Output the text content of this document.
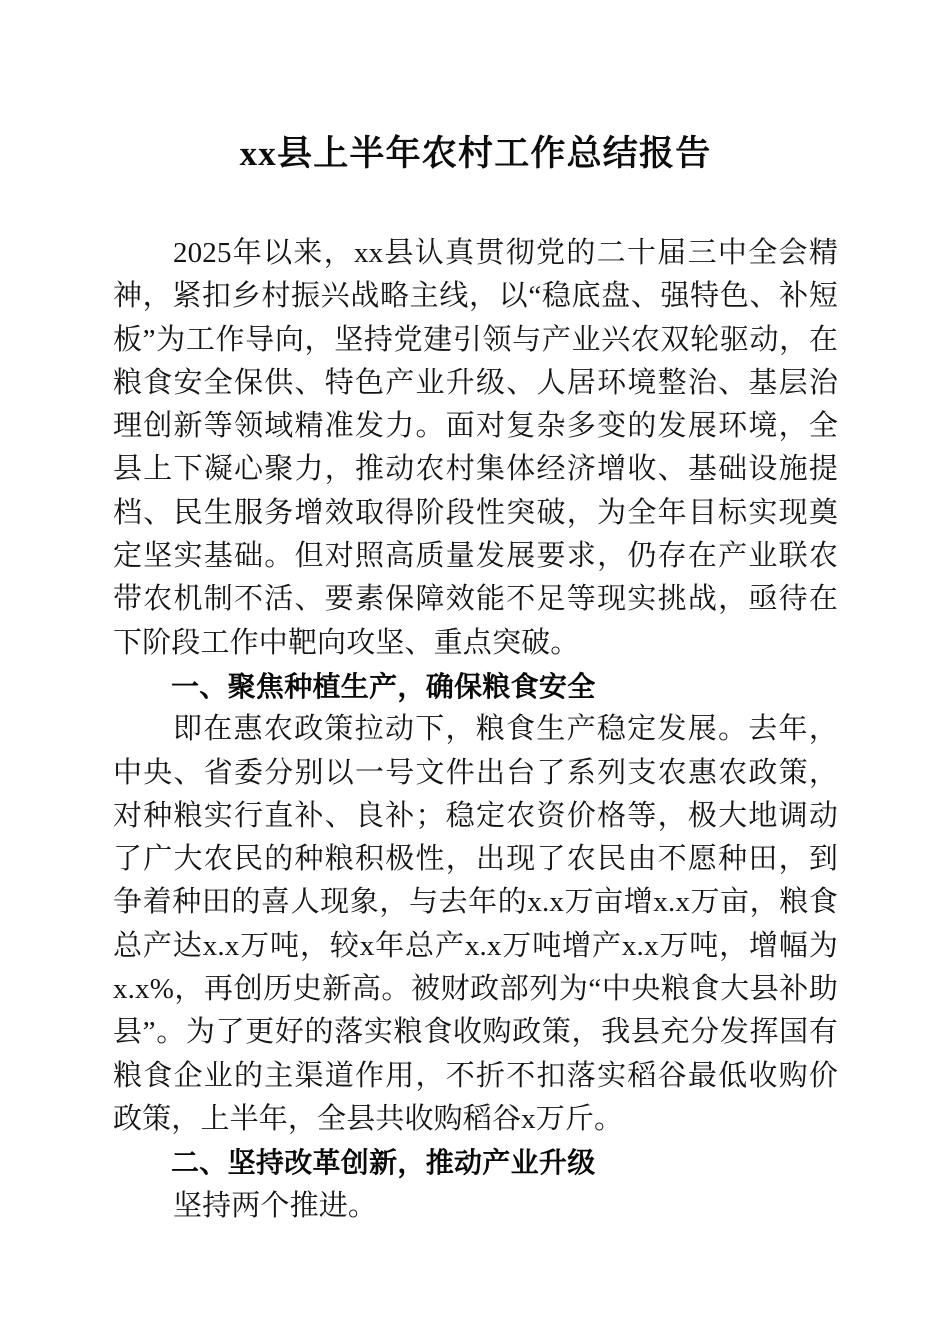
xx县上半年农村工作总结报告

2025年以来，xx县认真贯彻党的二十届三中全会精神，紧扣乡村振兴战略主线，以“稳底盘、强特色、补短板”为工作导向，坚持党建引领与产业兴农双轮驱动，在粮食安全保供、特色产业升级、人居环境整治、基层治理创新等领域精准发力。面对复杂多变的发展环境，全县上下凝心聚力，推动农村集体经济增收、基础设施提档、民生服务增效取得阶段性突破，为全年目标实现奠定坚实基础。但对照高质量发展要求，仍存在产业联农带农机制不活、要素保障效能不足等现实挑战，亟待在下阶段工作中靶向攻坚、重点突破。

一、聚焦种植生产，确保粮食安全

即在惠农政策拉动下，粮食生产稳定发展。去年，中央、省委分别以一号文件出台了系列支农惠农政策，对种粮实行直补、良补；稳定农资价格等，极大地调动了广大农民的种粮积极性，出现了农民由不愿种田，到争着种田的喜人现象，与去年的x.x万亩增x.x万亩，粮食总产达x.x万吨，较x年总产x.x万吨增产x.x万吨，增幅为x.x%，再创历史新高。被财政部列为“中央粮食大县补助县”。为了更好的落实粮食收购政策，我县充分发挥国有粮食企业的主渠道作用，不折不扣落实稻谷最低收购价政策，上半年，全县共收购稻谷x万斤。

二、坚持改革创新，推动产业升级

坚持两个推进。
